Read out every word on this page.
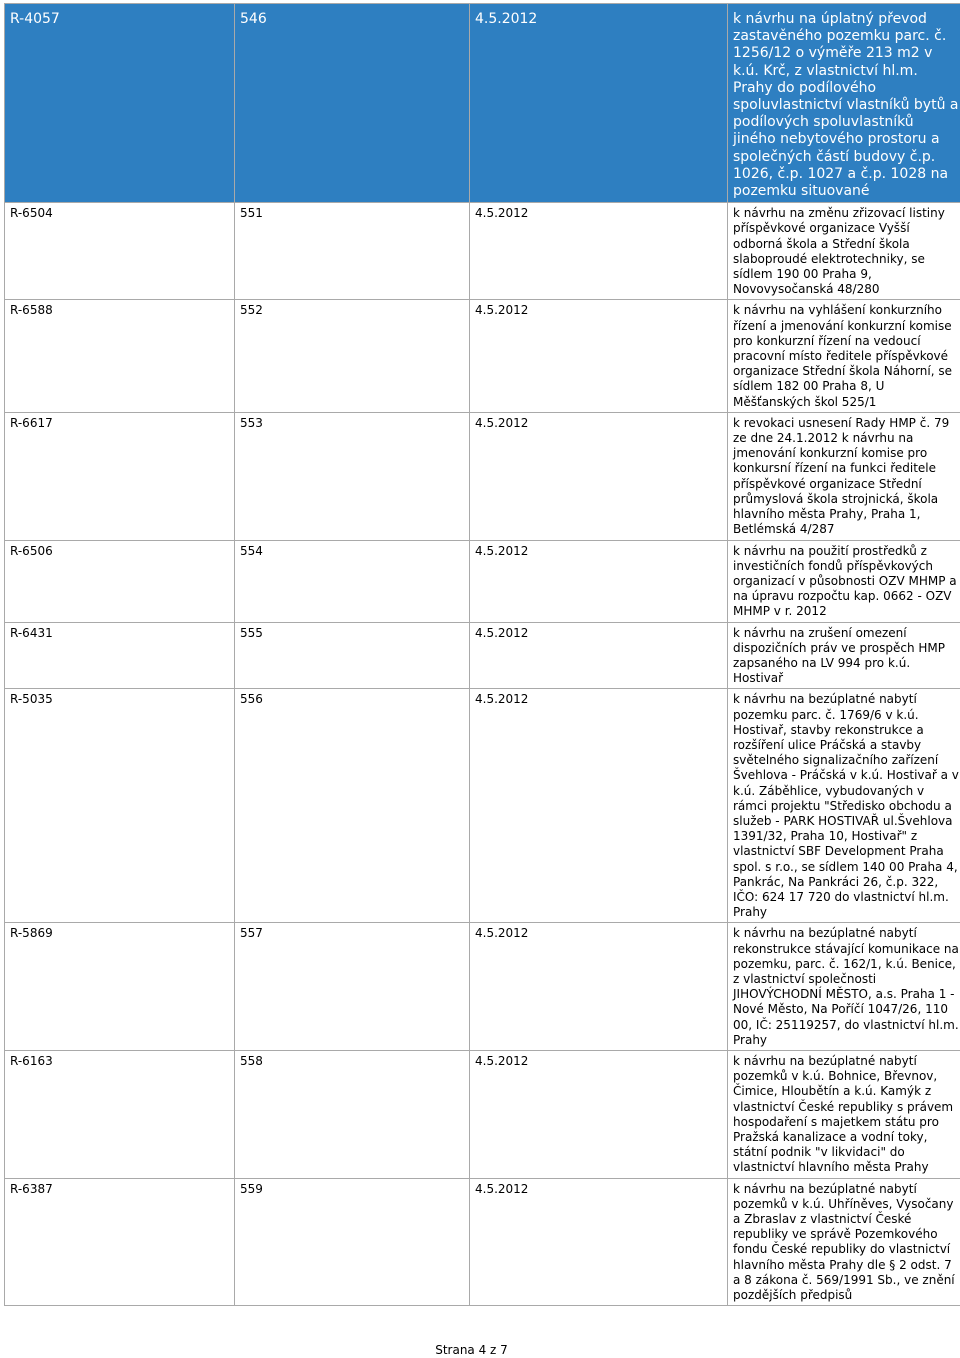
R-4057	546	4.5.2012	k návrhu na úplatný převod zastavěného pozemku parc. č. 1256/12 o výměře 213 m2 v k.ú. Krč, z vlastnictví hl.m. Prahy do podílového spoluvlastnictví vlastníků bytů a podílových spoluvlastníků jiného nebytového prostoru a společných částí budovy č.p. 1026, č.p. 1027 a č.p. 1028 na pozemku situované
R-6504	551	4.5.2012	k návrhu na změnu zřizovací listiny příspěvkové organizace Vyšší odborná škola a Střední škola slaboproudé elektrotechniky, se sídlem 190 00 Praha 9, Novovysočanská 48/280
R-6588	552	4.5.2012	k návrhu na vyhlášení konkurzního řízení a jmenování konkurzní komise pro konkurzní řízení na vedoucí pracovní místo ředitele příspěvkové organizace Střední škola Náhorní, se sídlem 182 00 Praha 8, U Měšťanských škol 525/1
R-6617	553	4.5.2012	k revokaci usnesení Rady HMP č. 79 ze dne 24.1.2012 k návrhu na jmenování konkurzní komise pro konkursní řízení na funkci ředitele příspěvkové organizace Střední průmyslová škola strojnická, škola hlavního města Prahy, Praha 1, Betlémská 4/287
R-6506	554	4.5.2012	k návrhu na použití prostředků z investičních fondů příspěvkových organizací v působnosti OZV MHMP a na úpravu rozpočtu kap. 0662 - OZV MHMP v r. 2012
R-6431	555	4.5.2012	k návrhu na zrušení omezení dispozičních práv ve prospěch HMP zapsaného na LV 994 pro k.ú. Hostivař
R-5035	556	4.5.2012	k návrhu na bezúplatné nabytí pozemku parc. č. 1769/6 v k.ú. Hostivař, stavby rekonstrukce a rozšíření ulice Práčská a stavby světelného signalizačního zařízení Švehlova - Práčská v k.ú. Hostivař a v k.ú. Záběhlice, vybudovaných v rámci projektu "Středisko obchodu a služeb - PARK HOSTIVAŘ ul.Švehlova 1391/32, Praha 10, Hostivař" z vlastnictví SBF Development Praha spol. s r.o., se sídlem 140 00 Praha 4, Pankrác, Na Pankráci 26, č.p. 322, IČO: 624 17 720 do vlastnictví hl.m. Prahy
R-5869	557	4.5.2012	k návrhu na bezúplatné nabytí rekonstrukce stávající komunikace na pozemku, parc. č. 162/1, k.ú. Benice, z vlastnictví společnosti JIHOVÝCHODNÍ MĚSTO, a.s. Praha 1 - Nové Město, Na Poříčí 1047/26, 110 00, IČ: 25119257, do vlastnictví hl.m. Prahy
R-6163	558	4.5.2012	k návrhu na bezúplatné nabytí pozemků v k.ú. Bohnice, Břevnov, Čimice, Hloubětín a k.ú. Kamýk z vlastnictví České republiky s právem hospodaření s majetkem státu pro Pražská kanalizace a vodní toky, státní podnik "v likvidaci" do vlastnictví hlavního města Prahy
R-6387	559	4.5.2012	k návrhu na bezúplatné nabytí pozemků v k.ú. Uhříněves, Vysočany a Zbraslav z vlastnictví České republiky ve správě Pozemkového fondu České republiky do vlastnictví hlavního města Prahy dle § 2 odst. 7 a 8 zákona č. 569/1991 Sb., ve znění pozdějších předpisů
Strana 4 z 7
